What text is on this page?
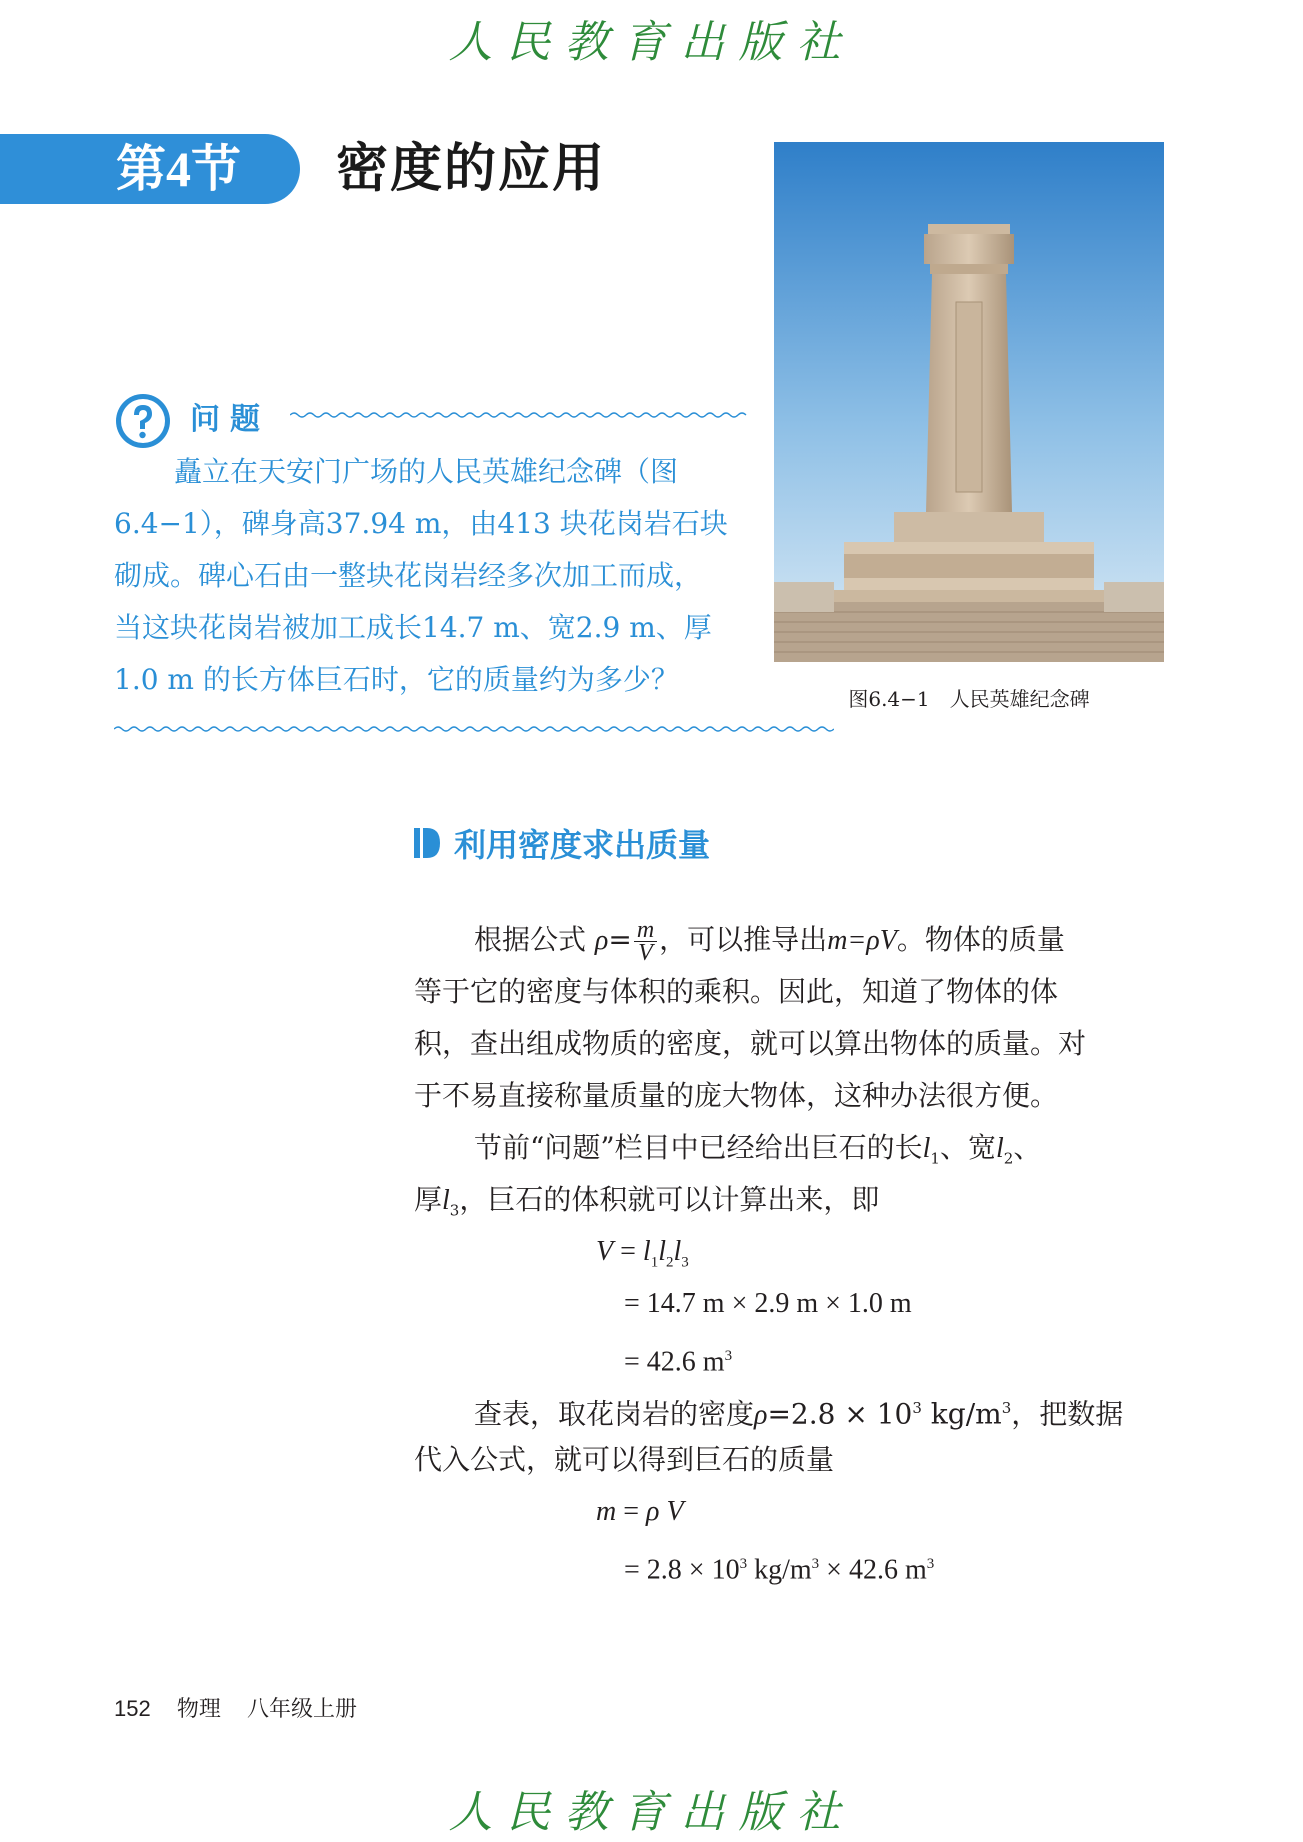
人民教育出版社
第4节 密度的应用
图6.4−1　人民英雄纪念碑
问题

矗立在天安门广场的人民英雄纪念碑（图

6.4−1），碑身高37.94 m，由413 块花岗岩石块

砌成。碑心石由一整块花岗岩经多次加工而成，

当这块花岗岩被加工成长14.7 m、宽2.9 m、厚

1.0 m 的长方体巨石时，它的质量约为多少？

利用密度求出质量
根据公式 $\rho= \frac{m}{V}$ ，可以推导出m=ρV。物体的质量
等于它的密度与体积的乘积。因此，知道了物体的体
积，查出组成物质的密度，就可以算出物体的质量。对
于不易直接称量质量的庞大物体，这种办法很方便。
节前“问题”栏目中已经给出巨石的长$l_1$、宽$l_2$、
厚$l_3$，巨石的体积就可以计算出来，即
$V = l_1l_2l_3$
= 14.7 m × 2.9 m × 1.0 m
= 42.6 $m^3$
查表，取花岗岩的密度$\rho=2.8 \times 10^3$ $kg/m^3$，把数据
代入公式，就可以得到巨石的质量
m = ρ V
= $2.8 \times 10^3$ $kg/m^3 \times 42.6$ $m^3$
152 物理 八年级上册
人民教育出版社
